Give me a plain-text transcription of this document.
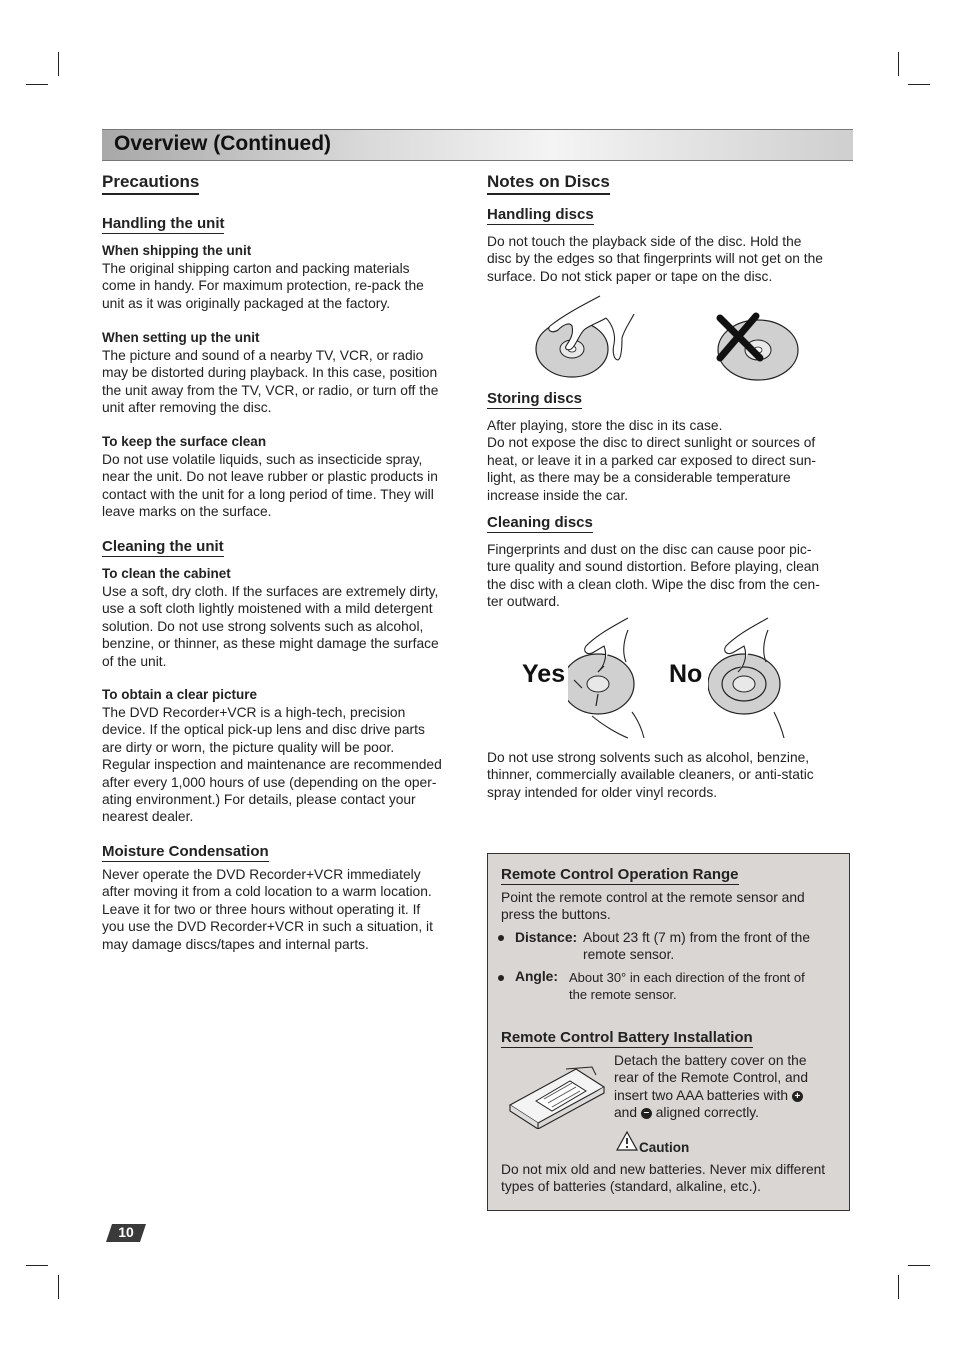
Overview (Continued)
Precautions
Handling the unit
When shipping the unit
The original shipping carton and packing materials
come in handy. For maximum protection, re-pack the
unit as it was originally packaged at the factory.
When setting up the unit
The picture and sound of a nearby TV, VCR, or radio
may be distorted during playback. In this case, position
the unit away from the TV, VCR, or radio, or turn off the
unit after removing the disc.
To keep the surface clean
Do not use volatile liquids, such as insecticide spray,
near the unit. Do not leave rubber or plastic products in
contact with the unit for a long period of time. They will
leave marks on the surface.
Cleaning the unit
To clean the cabinet
Use a soft, dry cloth. If the surfaces are extremely dirty,
use a soft cloth lightly moistened with a mild detergent
solution. Do not use strong solvents such as alcohol,
benzine, or thinner, as these might damage the surface
of the unit.
To obtain a clear picture
The DVD Recorder+VCR is a high-tech, precision
device. If the optical pick-up lens and disc drive parts
are dirty or worn, the picture quality will be poor.
Regular inspection and maintenance are recommended
after every 1,000 hours of use (depending on the oper-
ating environment.) For details, please contact your
nearest dealer.
Moisture Condensation
Never operate the DVD Recorder+VCR immediately
after moving it from a cold location to a warm location.
Leave it for two or three hours without operating it. If
you use the DVD Recorder+VCR in such a situation, it
may damage discs/tapes and internal parts.
Notes on Discs
Handling discs
Do not touch the playback side of the disc. Hold the
disc by the edges so that fingerprints will not get on the
surface. Do not stick paper or tape on the disc.
Storing discs
After playing, store the disc in its case.
Do not expose the disc to direct sunlight or sources of
heat, or leave it in a parked car exposed to direct sun-
light, as there may be a considerable temperature
increase inside the car.
Cleaning discs
Fingerprints and dust on the disc can cause poor pic-
ture quality and sound distortion. Before playing, clean
the disc with a clean cloth. Wipe the disc from the cen-
ter outward.
Do not use strong solvents such as alcohol, benzine,
thinner, commercially available cleaners, or anti-static
spray intended for older vinyl records.
Yes	No
Remote Control Operation Range
Point the remote control at the remote sensor and
press the buttons.
Distance: About 23 ft (7 m) from the front of the
remote sensor.
Angle: About 30° in each direction of the front of
the remote sensor.
Remote Control Battery Installation
Detach the battery cover on the
rear of the Remote Control, and
insert two AAA batteries with +
and – aligned correctly.
Caution
Do not mix old and new batteries. Never mix different
types of batteries (standard, alkaline, etc.).
10
